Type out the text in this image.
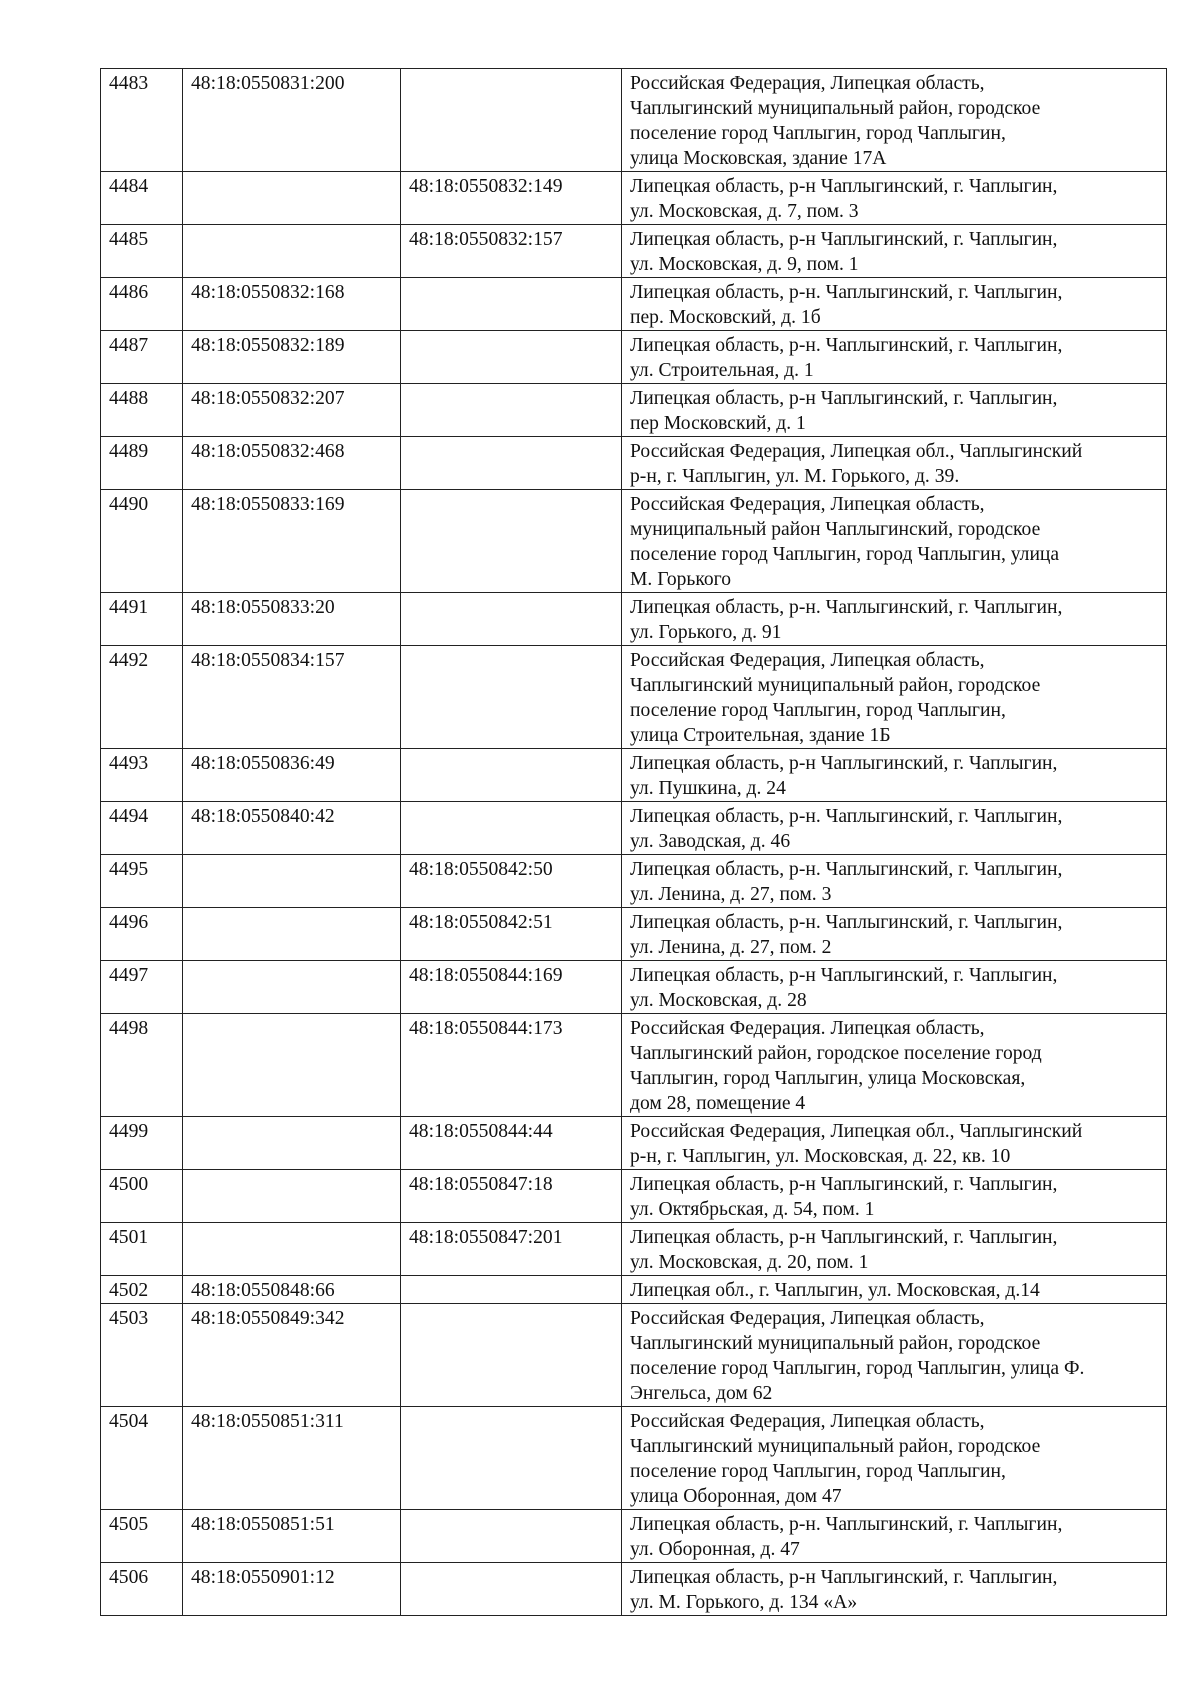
4483	48:18:0550831:200		Российская Федерация, Липецкая область,
Чаплыгинский муниципальный район, городское
поселение город Чаплыгин, город Чаплыгин,
улица Московская, здание 17А
4484		48:18:0550832:149	Липецкая область, р-н Чаплыгинский, г. Чаплыгин,
ул. Московская, д. 7, пом. 3
4485		48:18:0550832:157	Липецкая область, р-н Чаплыгинский, г. Чаплыгин,
ул. Московская, д. 9, пом. 1
4486	48:18:0550832:168		Липецкая область, р-н. Чаплыгинский, г. Чаплыгин,
пер. Московский, д. 1б
4487	48:18:0550832:189		Липецкая область, р-н. Чаплыгинский, г. Чаплыгин,
ул. Строительная, д. 1
4488	48:18:0550832:207		Липецкая область, р-н Чаплыгинский, г. Чаплыгин,
пер Московский, д. 1
4489	48:18:0550832:468		Российская Федерация, Липецкая обл., Чаплыгинский
р-н, г. Чаплыгин, ул. М. Горького, д. 39.
4490	48:18:0550833:169		Российская Федерация, Липецкая область,
муниципальный район Чаплыгинский, городское
поселение город Чаплыгин, город Чаплыгин, улица
М. Горького
4491	48:18:0550833:20		Липецкая область, р-н. Чаплыгинский, г. Чаплыгин,
ул. Горького, д. 91
4492	48:18:0550834:157		Российская Федерация, Липецкая область,
Чаплыгинский муниципальный район, городское
поселение город Чаплыгин, город Чаплыгин,
улица Строительная, здание 1Б
4493	48:18:0550836:49		Липецкая область, р-н Чаплыгинский, г. Чаплыгин,
ул. Пушкина, д. 24
4494	48:18:0550840:42		Липецкая область, р-н. Чаплыгинский, г. Чаплыгин,
ул. Заводская, д. 46
4495		48:18:0550842:50	Липецкая область, р-н. Чаплыгинский, г. Чаплыгин,
ул. Ленина, д. 27, пом. 3
4496		48:18:0550842:51	Липецкая область, р-н. Чаплыгинский, г. Чаплыгин,
ул. Ленина, д. 27, пом. 2
4497		48:18:0550844:169	Липецкая область, р-н Чаплыгинский, г. Чаплыгин,
ул. Московская, д. 28
4498		48:18:0550844:173	Российская Федерация. Липецкая область,
Чаплыгинский район, городское поселение город
Чаплыгин, город Чаплыгин, улица Московская,
дом 28, помещение 4
4499		48:18:0550844:44	Российская Федерация, Липецкая обл., Чаплыгинский
р-н, г. Чаплыгин, ул. Московская, д. 22, кв. 10
4500		48:18:0550847:18	Липецкая область, р-н Чаплыгинский, г. Чаплыгин,
ул. Октябрьская, д. 54, пом. 1
4501		48:18:0550847:201	Липецкая область, р-н Чаплыгинский, г. Чаплыгин,
ул. Московская, д. 20, пом. 1
4502	48:18:0550848:66		Липецкая обл., г. Чаплыгин, ул. Московская, д.14
4503	48:18:0550849:342		Российская Федерация, Липецкая область,
Чаплыгинский муниципальный район, городское
поселение город Чаплыгин, город Чаплыгин, улица Ф.
Энгельса, дом 62
4504	48:18:0550851:311		Российская Федерация, Липецкая область,
Чаплыгинский муниципальный район, городское
поселение город Чаплыгин, город Чаплыгин,
улица Оборонная, дом 47
4505	48:18:0550851:51		Липецкая область, р-н. Чаплыгинский, г. Чаплыгин,
ул. Оборонная, д. 47
4506	48:18:0550901:12		Липецкая область, р-н Чаплыгинский, г. Чаплыгин,
ул. М. Горького, д. 134 «А»
